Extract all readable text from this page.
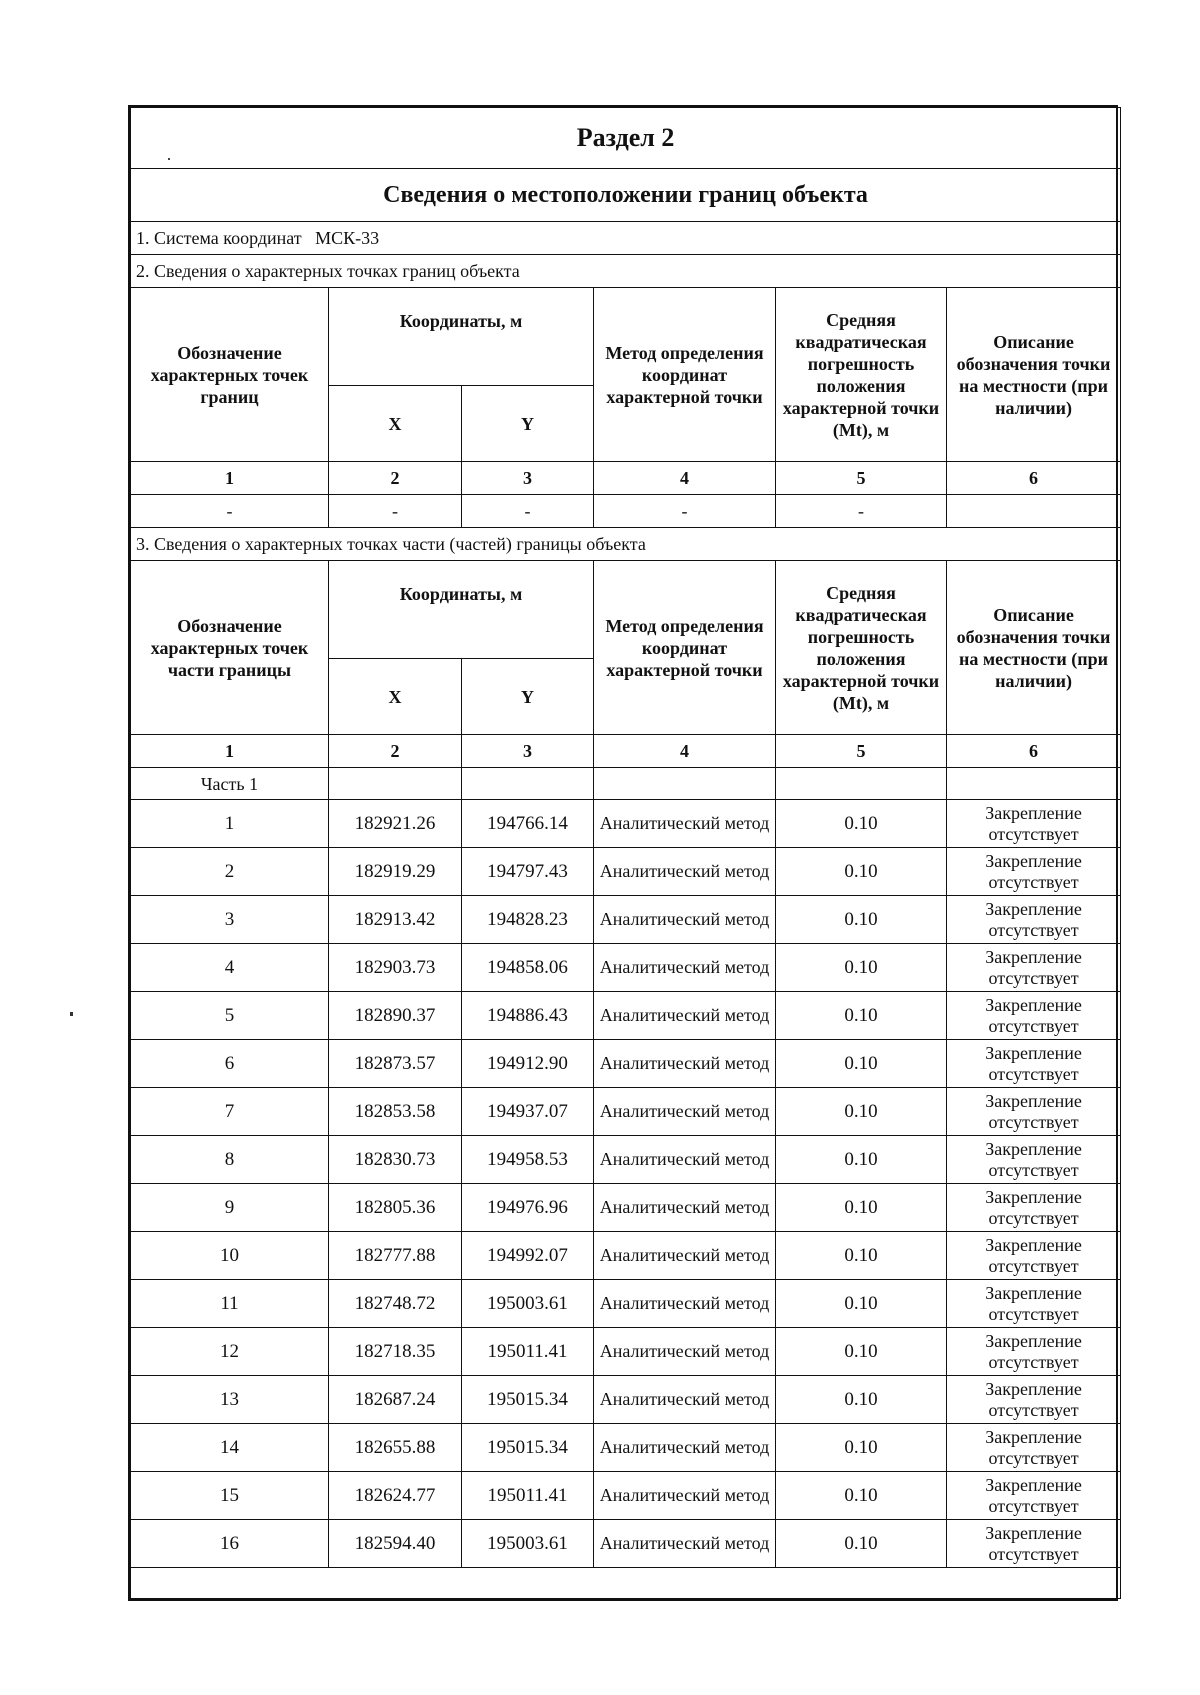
Раздел 2					
Сведения о местоположении границ объекта					
1. Система координат МСК-33					
2. Сведения о характерных точках границ объекта					
Обозначение характерных точек границ	Координаты, м		Метод определения координат характерной точки	Средняя квадратическая погрешность положения характерной точки (Mt), м	Описание обозначения точки на местности (при наличии)
	X	Y			
1	2	3	4	5	6
-	-	-	-	-	
3. Сведения о характерных точках части (частей) границы объекта					
Обозначение характерных точек части границы	Координаты, м		Метод определения координат характерной точки	Средняя квадратическая погрешность положения характерной точки (Mt), м	Описание обозначения точки на местности (при наличии)
	X	Y			
1	2	3	4	5	6
Часть 1					
1	182921.26	194766.14	Аналитический метод	0.10	Закрепление отсутствует
2	182919.29	194797.43	Аналитический метод	0.10	Закрепление отсутствует
3	182913.42	194828.23	Аналитический метод	0.10	Закрепление отсутствует
4	182903.73	194858.06	Аналитический метод	0.10	Закрепление отсутствует
5	182890.37	194886.43	Аналитический метод	0.10	Закрепление отсутствует
6	182873.57	194912.90	Аналитический метод	0.10	Закрепление отсутствует
7	182853.58	194937.07	Аналитический метод	0.10	Закрепление отсутствует
8	182830.73	194958.53	Аналитический метод	0.10	Закрепление отсутствует
9	182805.36	194976.96	Аналитический метод	0.10	Закрепление отсутствует
10	182777.88	194992.07	Аналитический метод	0.10	Закрепление отсутствует
11	182748.72	195003.61	Аналитический метод	0.10	Закрепление отсутствует
12	182718.35	195011.41	Аналитический метод	0.10	Закрепление отсутствует
13	182687.24	195015.34	Аналитический метод	0.10	Закрепление отсутствует
14	182655.88	195015.34	Аналитический метод	0.10	Закрепление отсутствует
15	182624.77	195011.41	Аналитический метод	0.10	Закрепление отсутствует
16	182594.40	195003.61	Аналитический метод	0.10	Закрепление отсутствует
